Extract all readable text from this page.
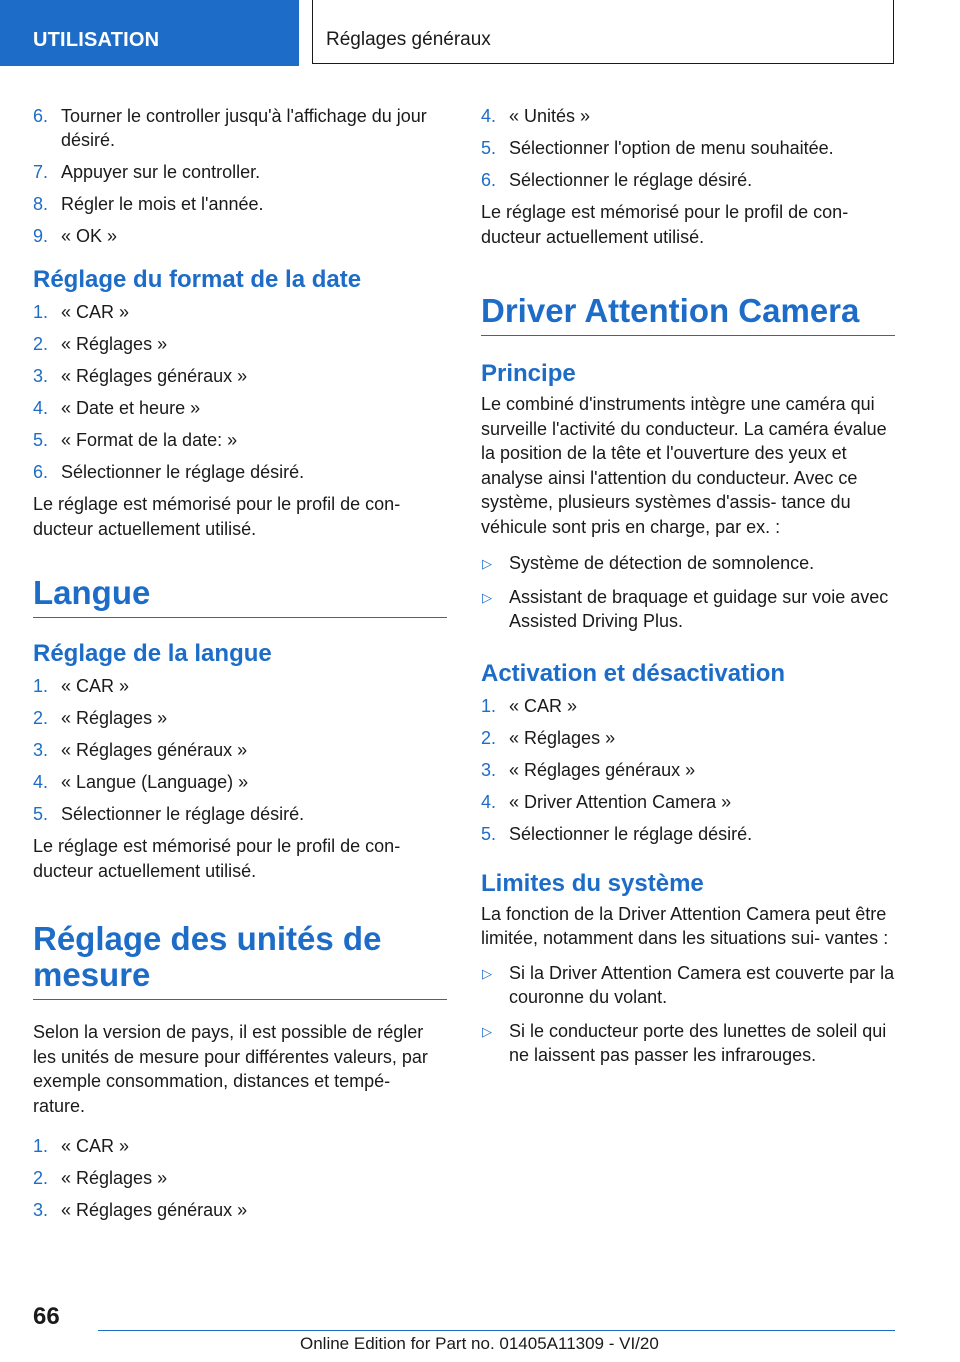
UTILISATION	Réglages généraux
6. Tourner le controller jusqu'à l'affichage du jour désiré.
7. Appuyer sur le controller.
8. Régler le mois et l'année.
9. « OK »
Réglage du format de la date
1. « CAR »
2. « Réglages »
3. « Réglages généraux »
4. « Date et heure »
5. « Format de la date: »
6. Sélectionner le réglage désiré.

Le réglage est mémorisé pour le profil de con‐ ducteur actuellement utilisé.

Langue
Réglage de la langue
1. « CAR »
2. « Réglages »
3. « Réglages généraux »
4. « Langue (Language) »
5. Sélectionner le réglage désiré.

Le réglage est mémorisé pour le profil de con‐ ducteur actuellement utilisé.

Réglage des unités de mesure

Selon la version de pays, il est possible de régler les unités de mesure pour différentes valeurs, par exemple consommation, distances et tempé‐ rature.

1. « CAR »
2. « Réglages »
3. « Réglages généraux »
4. « Unités »
5. Sélectionner l'option de menu souhaitée.
6. Sélectionner le réglage désiré.

Le réglage est mémorisé pour le profil de con‐ ducteur actuellement utilisé.

Driver Attention Camera
Principe

Le combiné d'instruments intègre une caméra qui surveille l'activité du conducteur. La caméra évalue la position de la tête et l'ouverture des yeux et analyse ainsi l'attention du conducteur. Avec ce système, plusieurs systèmes d'assis‐ tance du véhicule sont pris en charge, par ex. :

▷ Système de détection de somnolence.
▷ Assistant de braquage et guidage sur voie avec Assisted Driving Plus.
Activation et désactivation
1. « CAR »
2. « Réglages »
3. « Réglages généraux »
4. « Driver Attention Camera »
5. Sélectionner le réglage désiré.
Limites du système

La fonction de la Driver Attention Camera peut être limitée, notamment dans les situations sui‐ vantes :

▷ Si la Driver Attention Camera est couverte par la couronne du volant.
▷ Si le conducteur porte des lunettes de soleil qui ne laissent pas passer les infrarouges.
66
Online Edition for Part no. 01405A11309 - VI/20
